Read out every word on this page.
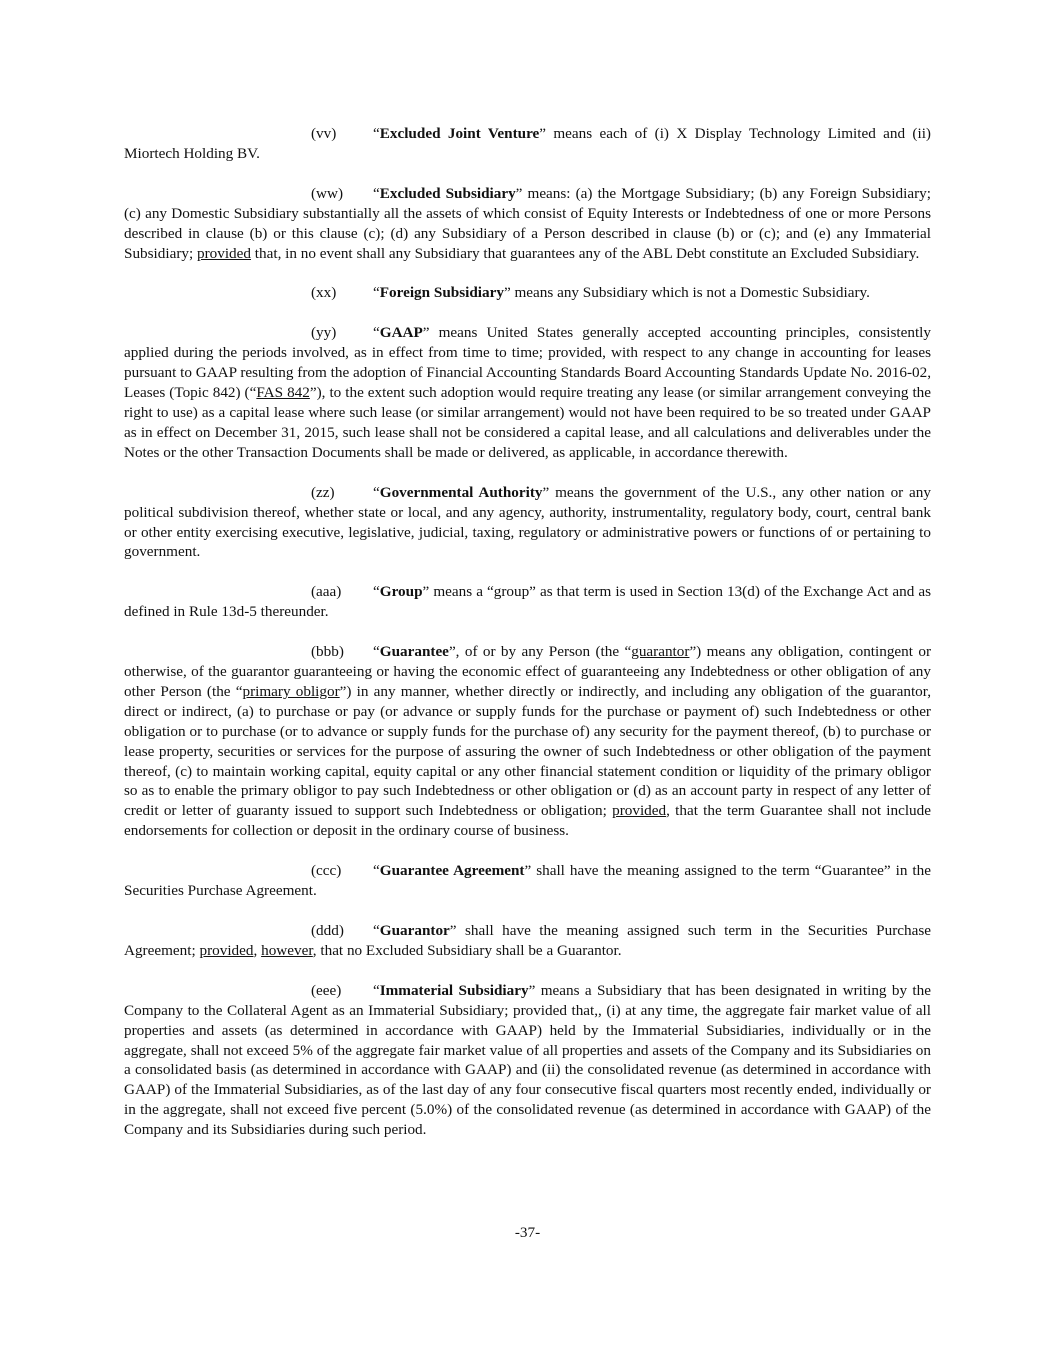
(vv) “Excluded Joint Venture” means each of (i) X Display Technology Limited and (ii) Miortech Holding BV.

(ww) “Excluded Subsidiary” means: (a) the Mortgage Subsidiary; (b) any Foreign Subsidiary; (c) any Domestic Subsidiary substantially all the assets of which consist of Equity Interests or Indebtedness of one or more Persons described in clause (b) or this clause (c); (d) any Subsidiary of a Person described in clause (b) or (c); and (e) any Immaterial Subsidiary; provided that, in no event shall any Subsidiary that guarantees any of the ABL Debt constitute an Excluded Subsidiary.

(xx) “Foreign Subsidiary” means any Subsidiary which is not a Domestic Subsidiary.

(yy) “GAAP” means United States generally accepted accounting principles, consistently applied during the periods involved, as in effect from time to time; provided, with respect to any change in accounting for leases pursuant to GAAP resulting from the adoption of Financial Accounting Standards Board Accounting Standards Update No. 2016-02, Leases (Topic 842) (“FAS 842”), to the extent such adoption would require treating any lease (or similar arrangement conveying the right to use) as a capital lease where such lease (or similar arrangement) would not have been required to be so treated under GAAP as in effect on December 31, 2015, such lease shall not be considered a capital lease, and all calculations and deliverables under the Notes or the other Transaction Documents shall be made or delivered, as applicable, in accordance therewith.

(zz)	“Governmental Authority” means the government of the U.S., any other nation or any political subdivision thereof, whether state or local, and any agency, authority, instrumentality, regulatory body, court, central bank or other entity exercising executive, legislative, judicial, taxing, regulatory or administrative powers or functions of or pertaining to government.

(aaa) “Group” means a “group” as that term is used in Section 13(d) of the Exchange Act and as defined in Rule 13d-5 thereunder.

(bbb) “Guarantee”, of or by any Person (the “guarantor”) means any obligation, contingent or otherwise, of the guarantor guaranteeing or having the economic effect of guaranteeing any Indebtedness or other obligation of any other Person (the “primary obligor”) in any manner, whether directly or indirectly, and including any obligation of the guarantor, direct or indirect, (a) to purchase or pay (or advance or supply funds for the purchase or payment of) such Indebtedness or other obligation or to purchase (or to advance or supply funds for the purchase of) any security for the payment thereof, (b) to purchase or lease property, securities or services for the purpose of assuring the owner of such Indebtedness or other obligation of the payment thereof, (c) to maintain working capital, equity capital or any other financial statement condition or liquidity of the primary obligor so as to enable the primary obligor to pay such Indebtedness or other obligation or (d) as an account party in respect of any letter of credit or letter of guaranty issued to support such Indebtedness or obligation; provided, that the term Guarantee shall not include endorsements for collection or deposit in the ordinary course of business.

(ccc) “Guarantee Agreement” shall have the meaning assigned to the term “Guarantee” in the Securities Purchase Agreement.

(ddd) “Guarantor” shall have the meaning assigned such term in the Securities Purchase Agreement; provided, however, that no Excluded Subsidiary shall be a Guarantor.

(eee) “Immaterial Subsidiary” means a Subsidiary that has been designated in writing by the Company to the Collateral Agent as an Immaterial Subsidiary; provided that,, (i) at any time, the aggregate fair market value of all properties and assets (as determined in accordance with GAAP) held by the Immaterial Subsidiaries, individually or in the aggregate, shall not exceed 5% of the aggregate fair market value of all properties and assets of the Company and its Subsidiaries on a consolidated basis (as determined in accordance with GAAP) and (ii) the consolidated revenue (as determined in accordance with GAAP) of the Immaterial Subsidiaries, as of the last day of any four consecutive fiscal quarters most recently ended, individually or in the aggregate, shall not exceed five percent (5.0%) of the consolidated revenue (as determined in accordance with GAAP) of the Company and its Subsidiaries during such period.

-37-
